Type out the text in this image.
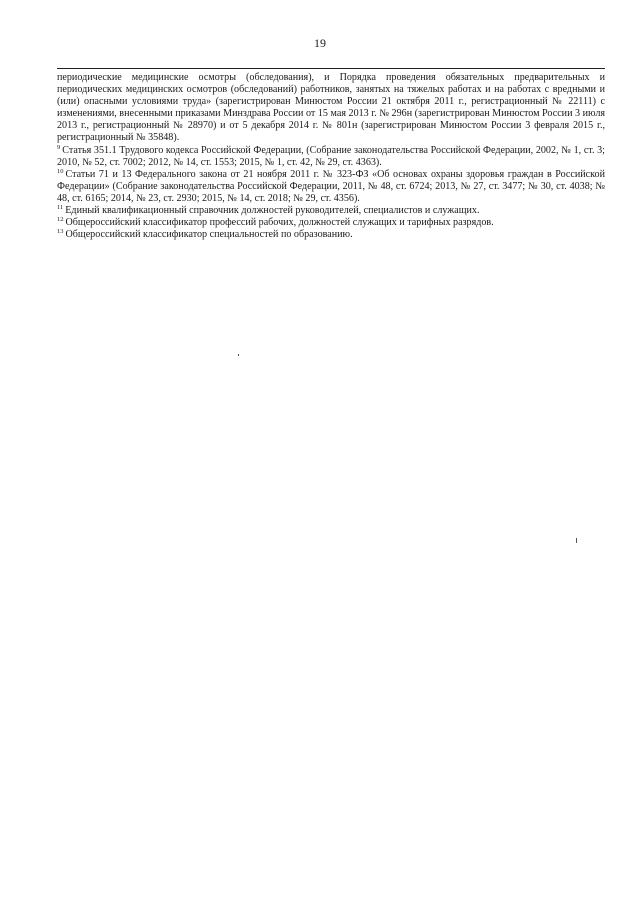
19

периодические медицинские осмотры (обследования), и Порядка проведения обязательных предварительных и периодических медицинских осмотров (обследований) работников, занятых на тяжелых работах и на работах с вредными и (или) опасными условиями труда» (зарегистрирован Минюстом России 21 октября 2011 г., регистрационный № 22111) с изменениями, внесенными приказами Минздрава России от 15 мая 2013 г. № 296н (зарегистрирован Минюстом России 3 июля 2013 г., регистрационный № 28970) и от 5 декабря 2014 г. № 801н (зарегистрирован Минюстом России 3 февраля 2015 г., регистрационный № 35848).

$^9$ Статья 351.1 Трудового кодекса Российской Федерации, (Собрание законодательства Российской Федерации, 2002, № 1, ст. 3; 2010, № 52, ст. 7002; 2012, № 14, ст. 1553; 2015, № 1, ст. 42, № 29, ст. 4363).

$^{10}$ Статьи 71 и 13 Федерального закона от 21 ноября 2011 г. № 323-ФЗ «Об основах охраны здоровья граждан в Российской Федерации» (Собрание законодательства Российской Федерации, 2011, № 48, ст. 6724; 2013, № 27, ст. 3477; № 30, ст. 4038; № 48, ст. 6165; 2014, № 23, ст. 2930; 2015, № 14, ст. 2018; № 29, ст. 4356).

$^{11}$ Единый квалификационный справочник должностей руководителей, специалистов и служащих.

$^{12}$ Общероссийский классификатор профессий рабочих, должностей служащих и тарифных разрядов.

$^{13}$ Общероссийский классификатор специальностей по образованию.
